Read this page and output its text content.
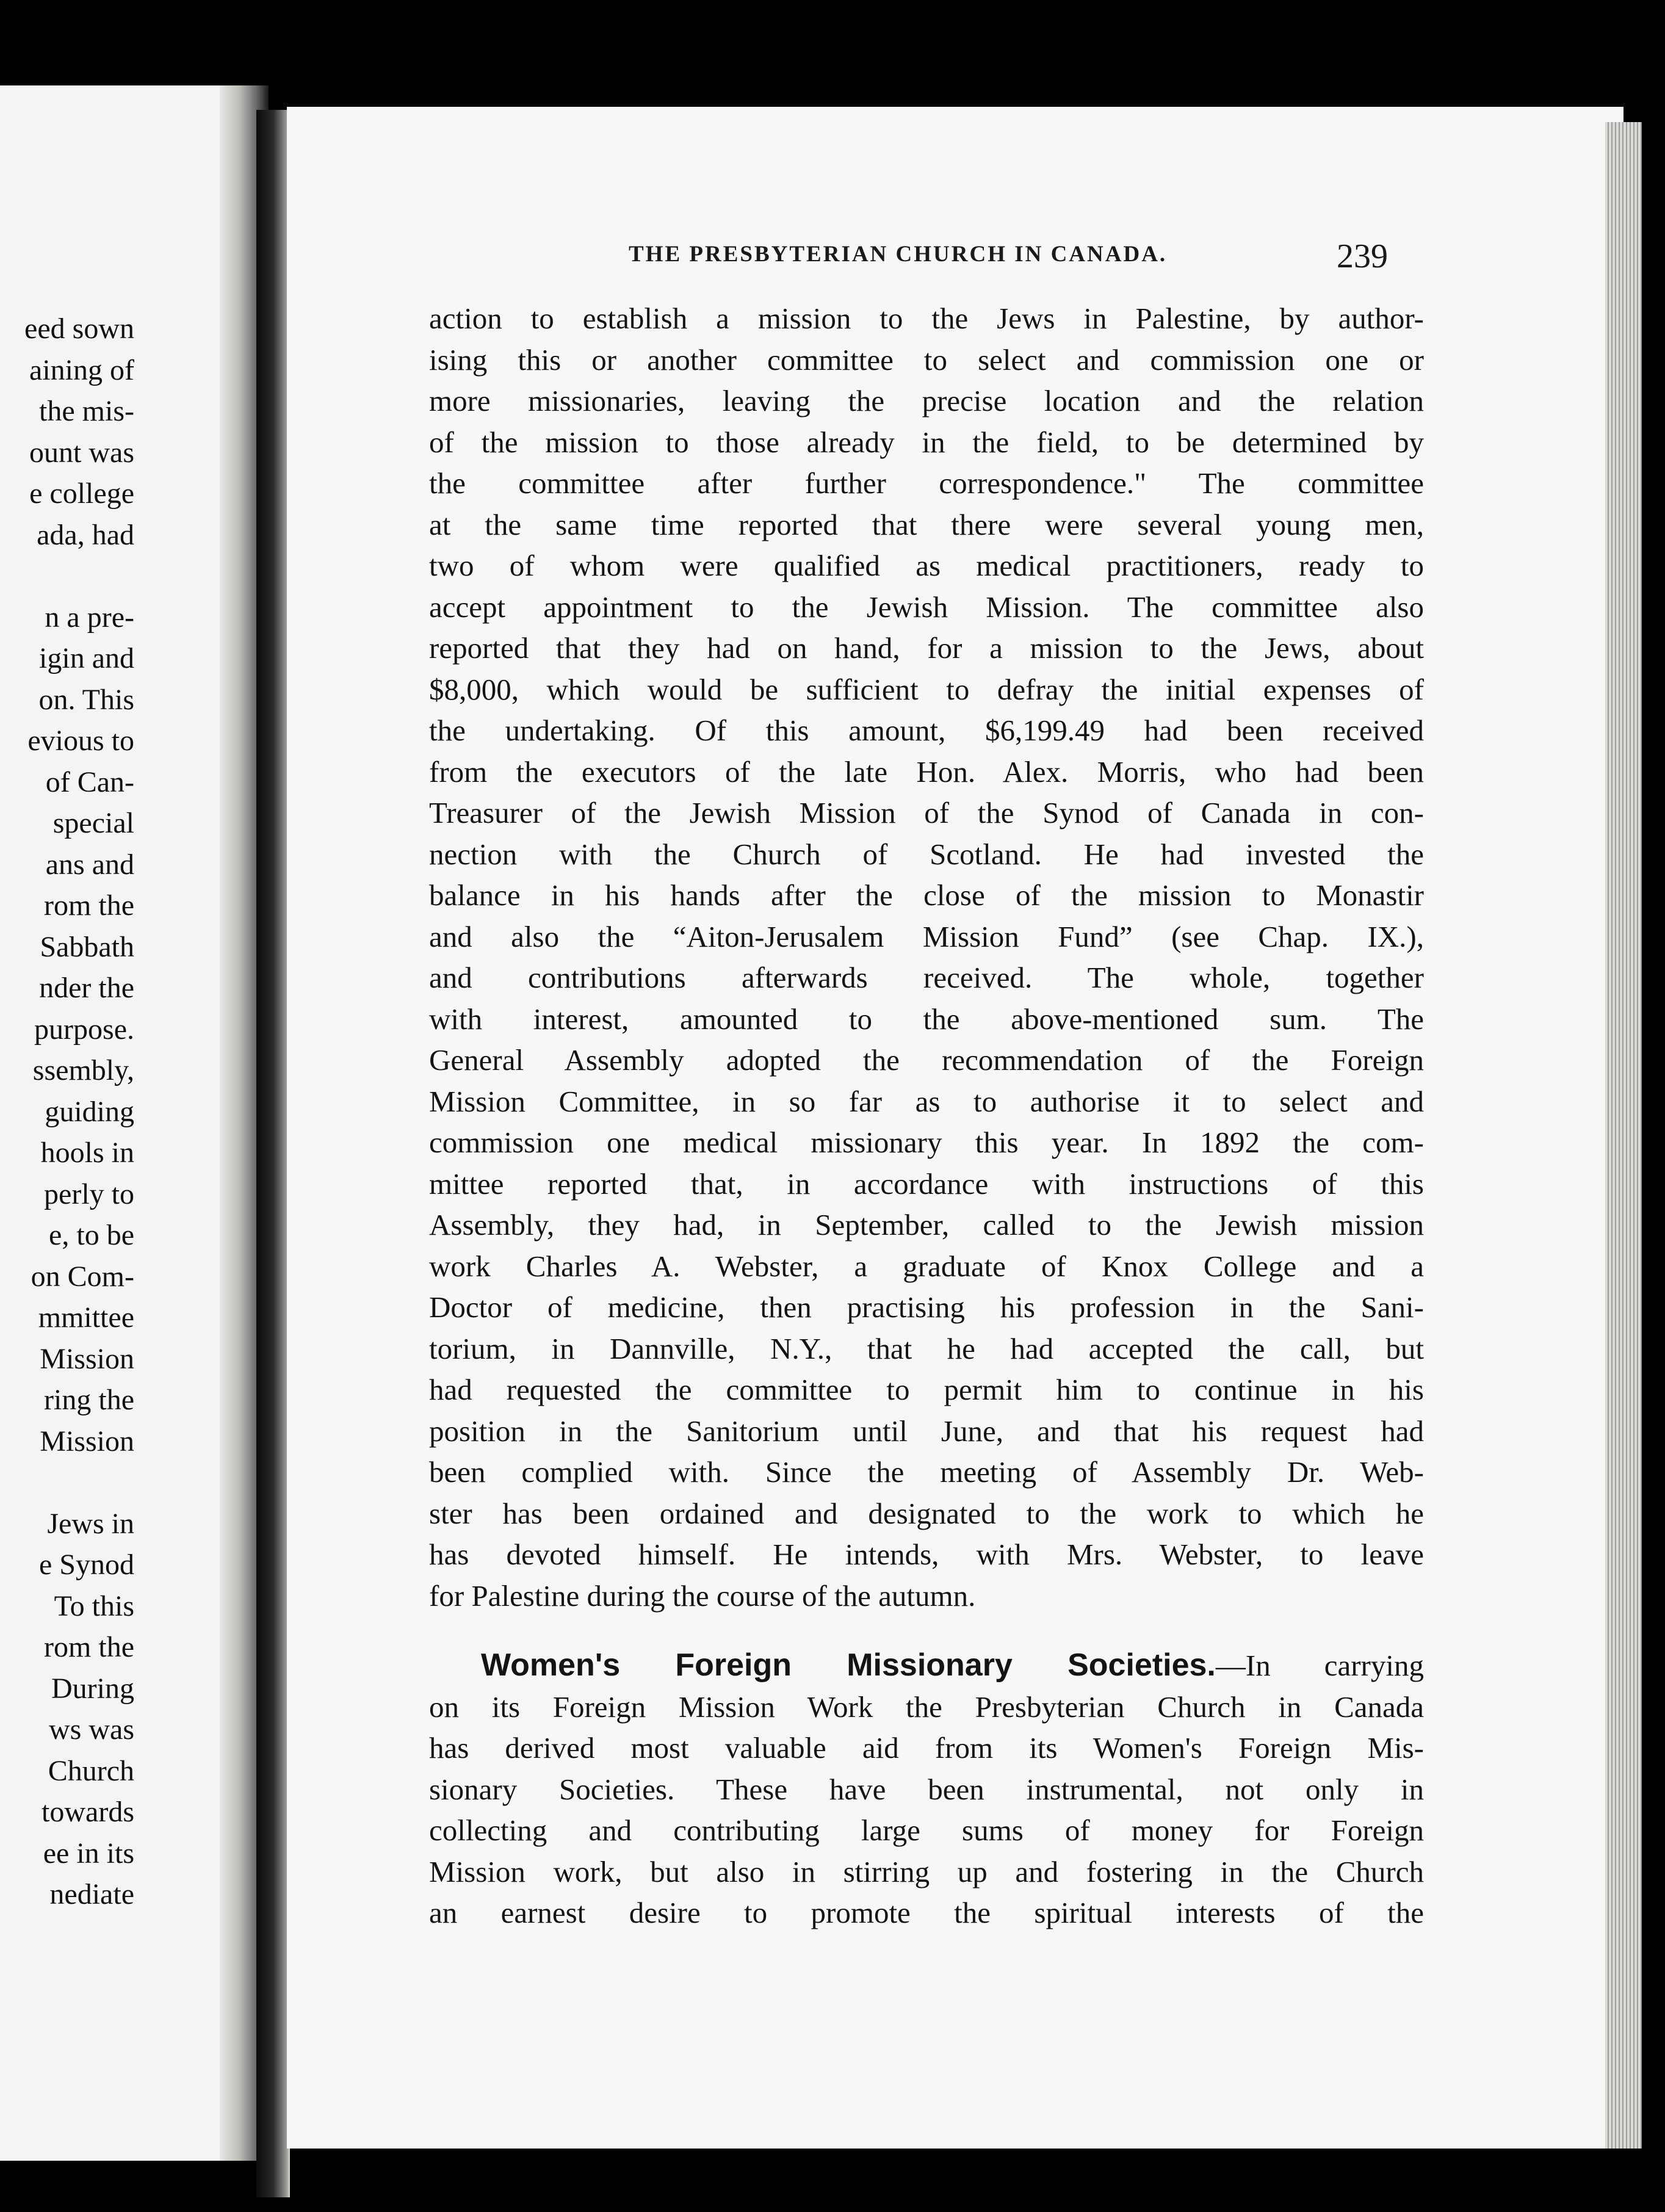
eed sown
aining of
the mis-
ount was
e college
ada, had
n a pre-
igin and
on. This
evious to
of Can-
special
ans and
rom the
Sabbath
nder the
purpose.
ssembly,
guiding
hools in
perly to
e, to be
on Com-
mmittee
Mission
ring the
Mission
Jews in
e Synod
To this
rom the
During
ws was
Church
towards
ee in its
nediate
THE PRESBYTERIAN CHURCH IN CANADA.	239
action to establish a mission to the Jews in Palestine, by author-
ising this or another committee to select and commission one or
more missionaries, leaving the precise location and the relation
of the mission to those already in the field, to be determined by
the committee after further correspondence." The committee
at the same time reported that there were several young men,
two of whom were qualified as medical practitioners, ready to
accept appointment to the Jewish Mission. The committee also
reported that they had on hand, for a mission to the Jews, about
$8,000, which would be sufficient to defray the initial expenses of
the undertaking. Of this amount, $6,199.49 had been received
from the executors of the late Hon. Alex. Morris, who had been
Treasurer of the Jewish Mission of the Synod of Canada in con-
nection with the Church of Scotland. He had invested the
balance in his hands after the close of the mission to Monastir
and also the “Aiton-Jerusalem Mission Fund” (see Chap. IX.),
and contributions afterwards received. The whole, together
with interest, amounted to the above-mentioned sum. The
General Assembly adopted the recommendation of the Foreign
Mission Committee, in so far as to authorise it to select and
commission one medical missionary this year. In 1892 the com-
mittee reported that, in accordance with instructions of this
Assembly, they had, in September, called to the Jewish mission
work Charles A. Webster, a graduate of Knox College and a
Doctor of medicine, then practising his profession in the Sani-
torium, in Dannville, N.Y., that he had accepted the call, but
had requested the committee to permit him to continue in his
position in the Sanitorium until June, and that his request had
been complied with. Since the meeting of Assembly Dr. Web-
ster has been ordained and designated to the work to which he
has devoted himself. He intends, with Mrs. Webster, to leave
for Palestine during the course of the autumn.
Women's Foreign Missionary Societies.—In carrying
on its Foreign Mission Work the Presbyterian Church in Canada
has derived most valuable aid from its Women's Foreign Mis-
sionary Societies. These have been instrumental, not only in
collecting and contributing large sums of money for Foreign
Mission work, but also in stirring up and fostering in the Church
an earnest desire to promote the spiritual interests of the
